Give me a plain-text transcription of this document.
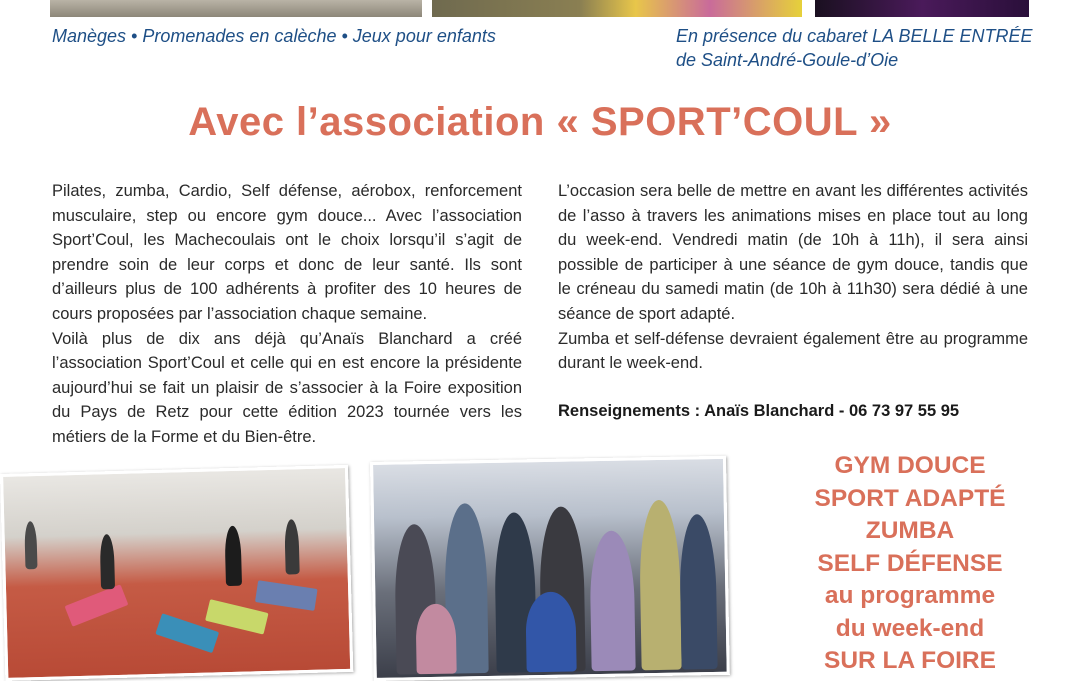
Manèges • Promenades en calèche • Jeux pour enfants	En présence du cabaret LA BELLE ENTRÉE
de Saint-André-Goule-d’Oie
Avec l’association « SPORT’COUL »

Pilates, zumba, Cardio, Self défense, aérobox, renforcement musculaire, step ou encore gym douce... Avec l’association Sport’Coul, les Machecoulais ont le choix lorsqu’il s’agit de prendre soin de leur corps et donc de leur santé. Ils sont d’ailleurs plus de 100 adhérents à profiter des 10 heures de cours proposées par l’association chaque semaine.

Voilà plus de dix ans déjà qu’Anaïs Blanchard a créé l’association Sport’Coul et celle qui en est encore la présidente aujourd’hui se fait un plaisir de s’associer à la Foire exposition du Pays de Retz pour cette édition 2023 tournée vers les métiers de la Forme et du Bien-être.

L’occasion sera belle de mettre en avant les différentes activités de l’asso à travers les animations mises en place tout au long du week-end. Vendredi matin (de 10h à 11h), il sera ainsi possible de participer à une séance de gym douce, tandis que le créneau du samedi matin (de 10h à 11h30) sera dédié à une séance de sport adapté.

Zumba et self-défense devraient également être au programme durant le week-end.

Renseignements : Anaïs Blanchard - 06 73 97 55 95
GYM DOUCE
SPORT ADAPTÉ
ZUMBA
SELF DÉFENSE
au programme
du week-end
SUR LA FOIRE
